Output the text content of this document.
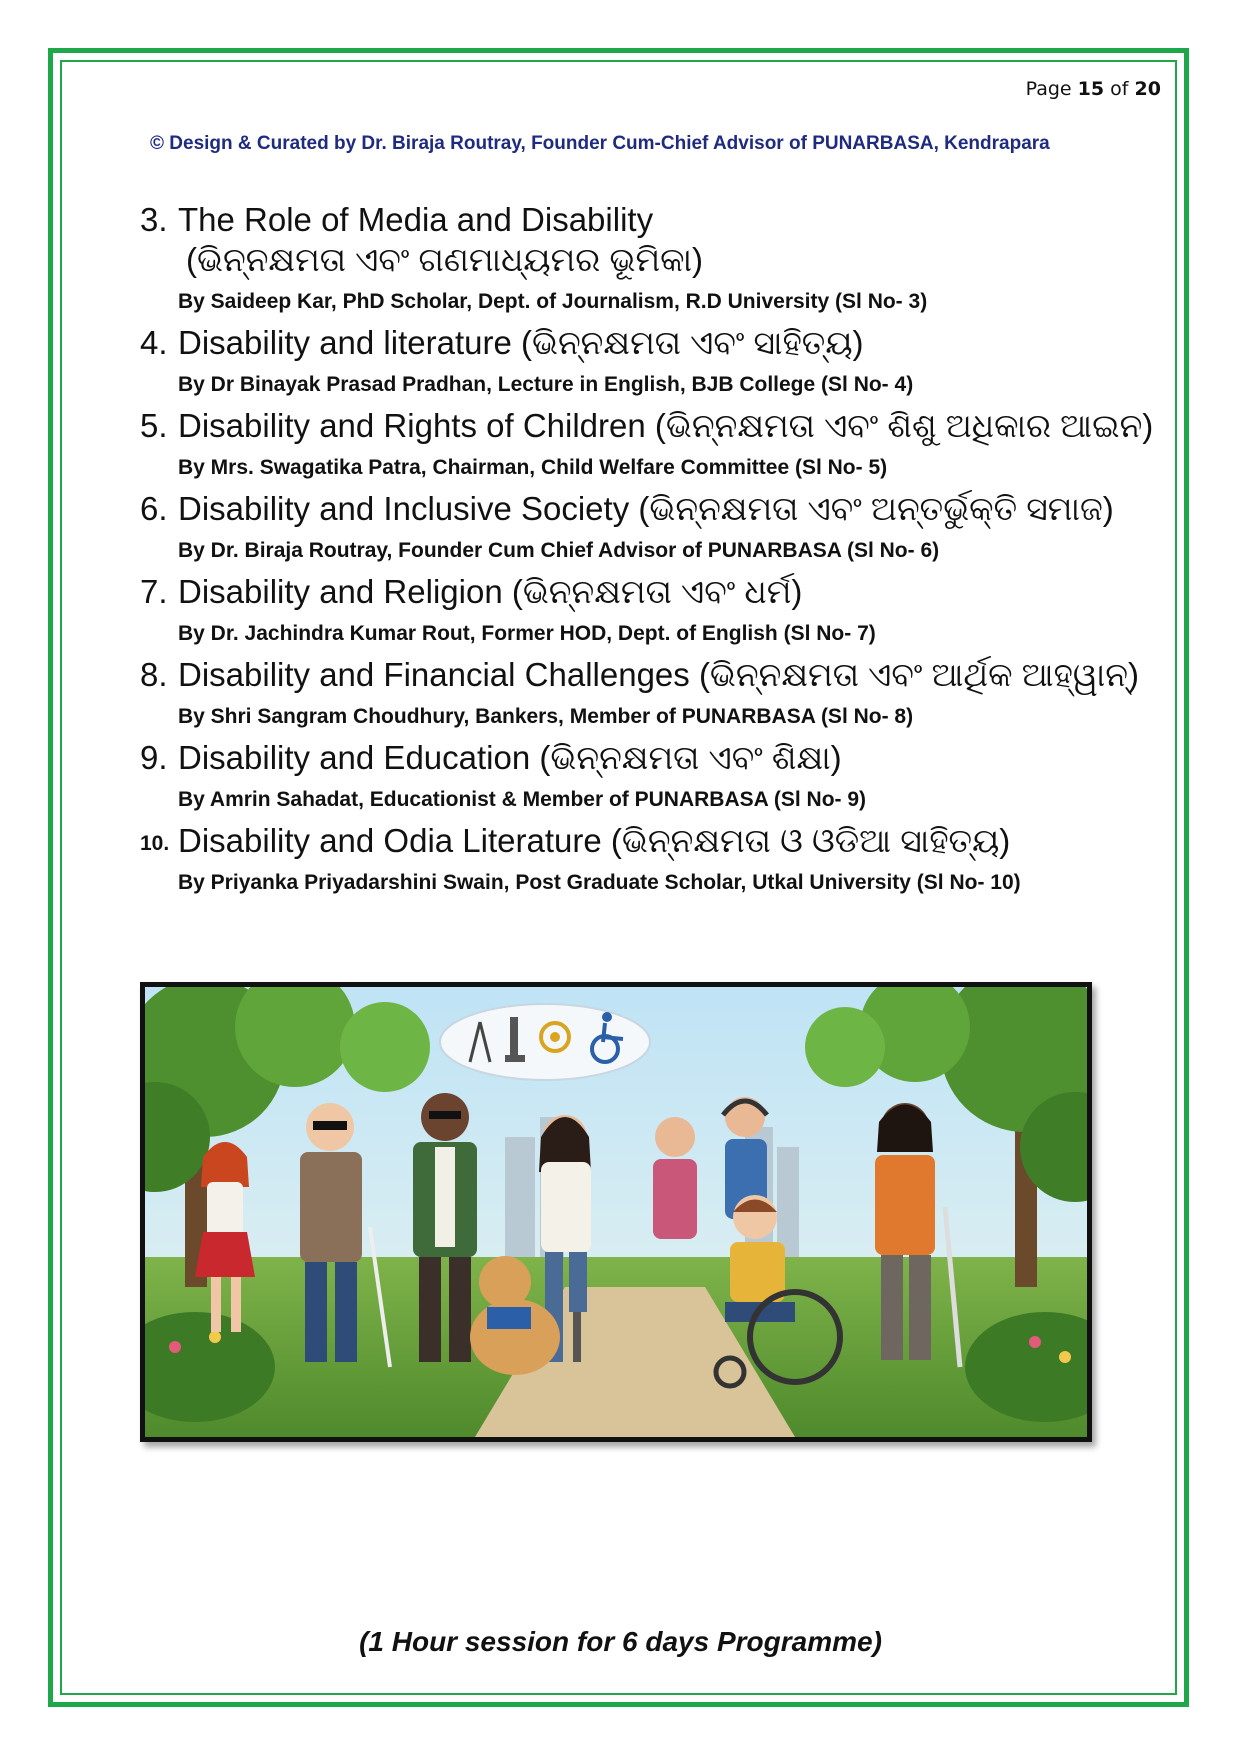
Page 15 of 20
© Design & Curated by Dr. Biraja Routray, Founder Cum-Chief Advisor of PUNARBASA, Kendrapara
3. The Role of Media and Disability
(ଭିନ୍ନକ୍ଷମତା ଏବଂ ଗଣମାଧ୍ୟମର ଭୂମିକା)
By Saideep Kar, PhD Scholar, Dept. of Journalism, R.D University (Sl No- 3)
4. Disability and literature (ଭିନ୍ନକ୍ଷମତା ଏବଂ ସାହିତ୍ୟ)
By Dr Binayak Prasad Pradhan, Lecture in English, BJB College (Sl No- 4)
5. Disability and Rights of Children (ଭିନ୍ନକ୍ଷମତା ଏବଂ ଶିଶୁ ଅଧିକାର ଆଇନ)
By Mrs. Swagatika Patra, Chairman, Child Welfare Committee (Sl No- 5)
6. Disability and Inclusive Society (ଭିନ୍ନକ୍ଷମତା ଏବଂ ଅନ୍ତର୍ଭୁକ୍ତି ସମାଜ)
By Dr. Biraja Routray, Founder Cum Chief Advisor of PUNARBASA (Sl No- 6)
7. Disability and Religion (ଭିନ୍ନକ୍ଷମତା ଏବଂ ଧର୍ମ)
By Dr. Jachindra Kumar Rout, Former HOD, Dept. of English (Sl No- 7)
8. Disability and Financial Challenges (ଭିନ୍ନକ୍ଷମତା ଏବଂ ଆର୍ଥିକ ଆହ୍ୱାନ୍)
By Shri Sangram Choudhury, Bankers, Member of PUNARBASA (Sl No- 8)
9. Disability and Education (ଭିନ୍ନକ୍ଷମତା ଏବଂ ଶିକ୍ଷା)
By Amrin Sahadat, Educationist & Member of PUNARBASA (Sl No- 9)
10. Disability and Odia Literature (ଭିନ୍ନକ୍ଷମତା ଓ ଓଡିଆ ସାହିତ୍ୟ)
By Priyanka Priyadarshini Swain, Post Graduate Scholar, Utkal University (Sl No- 10)
(1 Hour session for 6 days Programme)
